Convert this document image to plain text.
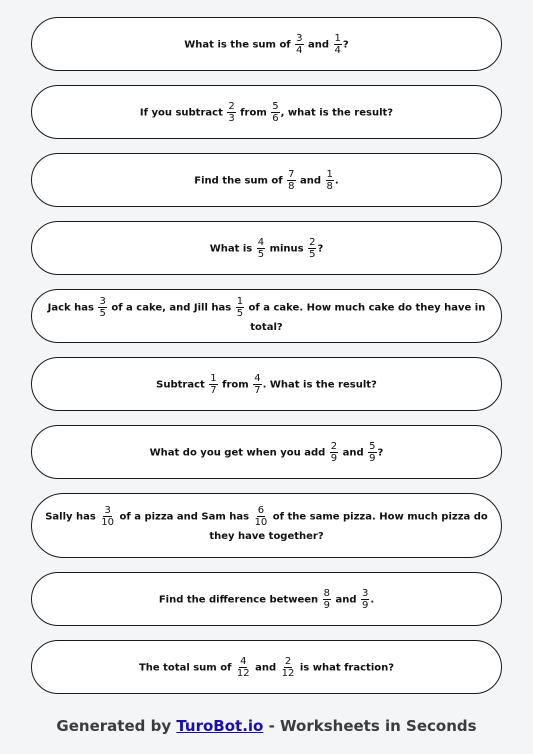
What is the sum of $\frac{3}{4}$ and $\frac{1}{4}$ ?
If you subtract $\frac{2}{3}$ from $\frac{5}{6}$ , what is the result?
Find the sum of $\frac{7}{8}$ and $\frac{1}{8}$ .
What is $\frac{4}{5}$ minus $\frac{2}{5}$ ?
Jack has $\frac{3}{5}$ of a cake, and Jill has $\frac{1}{5}$ of a cake. How much cake do they have in total?
Subtract $\frac{1}{7}$ from $\frac{4}{7}$ . What is the result?
What do you get when you add $\frac{2}{9}$ and $\frac{5}{9}$ ?
Sally has $\frac{3}{10}$ of a pizza and Sam has $\frac{6}{10}$ of the same pizza. How much pizza do they have together?
Find the difference between $\frac{8}{9}$ and $\frac{3}{9}$ .
The total sum of $\frac{4}{12}$ and $\frac{2}{12}$ is what fraction?
Generated by TuroBot.io - Worksheets in Seconds
